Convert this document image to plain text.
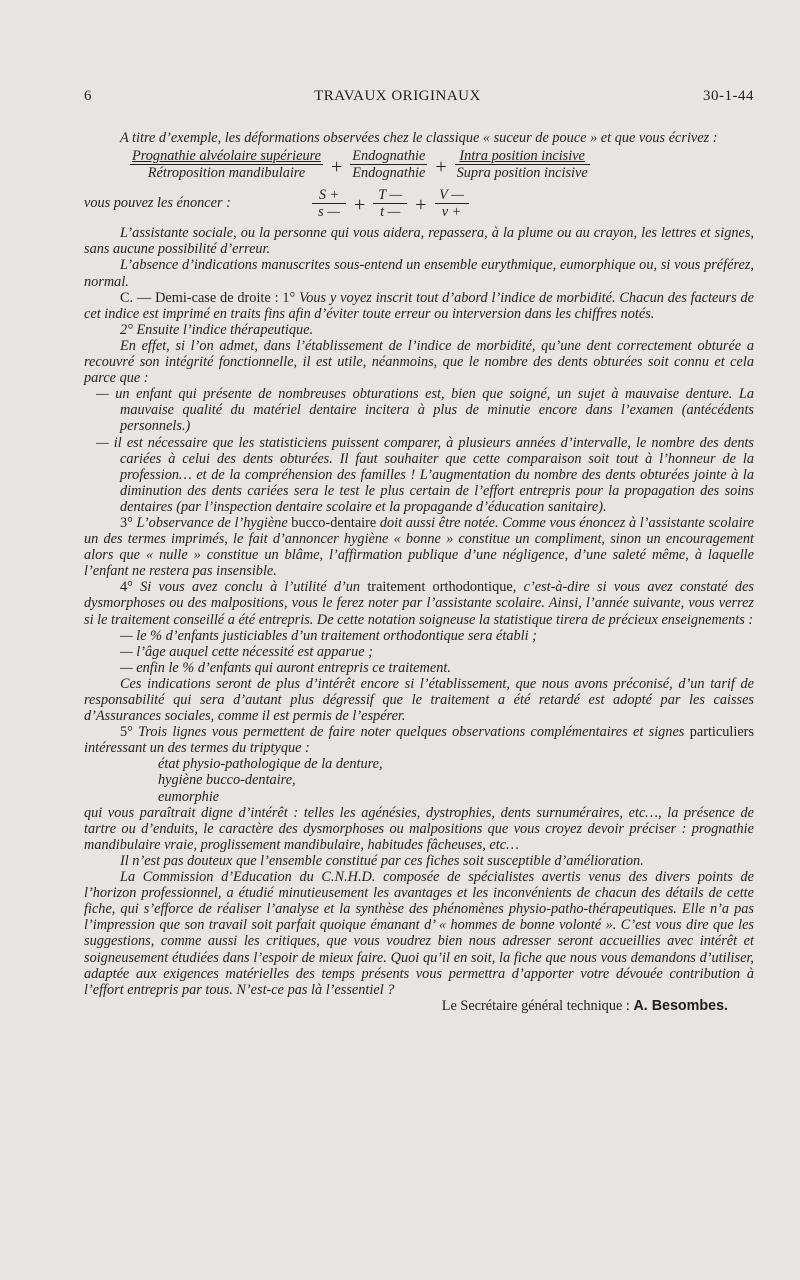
6	TRAVAUX ORIGINAUX	30-1-44

A titre d’exemple, les déformations observées chez le classique « suceur de pouce » et que vous écrivez :

$\frac{\text{Prognathie alvéolaire supérieure}}{\text{Rétroposition mandibulaire}} + \frac{\text{Endognathie}}{\text{Endognathie}} + \frac{\text{Intra position incisive}}{\text{Supra position incisive}}$
vous pouvez les énoncer :	$\frac{S +}{s —} + \frac{T —}{t —} + \frac{V —}{v +}$

L’assistante sociale, ou la personne qui vous aidera, repassera, à la plume ou au crayon, les lettres et signes, sans aucune possibilité d’erreur.

L’absence d’indications manuscrites sous-entend un ensemble eurythmique, eumorphique ou, si vous préférez, normal.

C. — Demi-case de droite : 1° Vous y voyez inscrit tout d’abord l’indice de morbidité. Chacun des facteurs de cet indice est imprimé en traits fins afin d’éviter toute erreur ou interversion dans les chiffres notés.

2° Ensuite l’indice thérapeutique.

En effet, si l’on admet, dans l’établissement de l’indice de morbidité, qu’une dent correctement obturée a recouvré son intégrité fonctionnelle, il est utile, néanmoins, que le nombre des dents obturées soit connu et cela parce que :

— un enfant qui présente de nombreuses obturations est, bien que soigné, un sujet à mauvaise denture. La mauvaise qualité du matériel dentaire incitera à plus de minutie encore dans l’examen (antécédents personnels.)

— il est nécessaire que les statisticiens puissent comparer, à plusieurs années d’intervalle, le nombre des dents cariées à celui des dents obturées. Il faut souhaiter que cette comparaison soit tout à l’honneur de la profession… et de la compréhension des familles ! L’augmentation du nombre des dents obturées jointe à la diminution des dents cariées sera le test le plus certain de l’effort entrepris pour la propagation des soins dentaires (par l’inspection dentaire scolaire et la propagande d’éducation sanitaire).

3° L’observance de l’hygiène bucco-dentaire doit aussi être notée. Comme vous énoncez à l’assistante scolaire un des termes imprimés, le fait d’annoncer hygiène « bonne » constitue un compliment, sinon un encouragement alors que « nulle » constitue un blâme, l’affirmation publique d’une négligence, d’une saleté même, à laquelle l’enfant ne restera pas insensible.

4° Si vous avez conclu à l’utilité d’un traitement orthodontique, c’est-à-dire si vous avez constaté des dysmorphoses ou des malpositions, vous le ferez noter par l’assistante scolaire. Ainsi, l’année suivante, vous verrez si le traitement conseillé a été entrepris. De cette notation soigneuse la statistique tirera de précieux enseignements :

— le % d’enfants justiciables d’un traitement orthodontique sera établi ;

— l’âge auquel cette nécessité est apparue ;

— enfin le % d’enfants qui auront entrepris ce traitement.

Ces indications seront de plus d’intérêt encore si l’établissement, que nous avons préconisé, d’un tarif de responsabilité qui sera d’autant plus dégressif que le traitement a été retardé est adopté par les caisses d’Assurances sociales, comme il est permis de l’espérer.

5° Trois lignes vous permettent de faire noter quelques observations complémentaires et signes particuliers intéressant un des termes du triptyque :

état physio-pathologique de la denture,

hygiène bucco-dentaire,

eumorphie

qui vous paraîtrait digne d’intérêt : telles les agénésies, dystrophies, dents surnuméraires, etc…, la présence de tartre ou d’enduits, le caractère des dysmorphoses ou malpositions que vous croyez devoir préciser : prognathie mandibulaire vraie, proglissement mandibulaire, habitudes fâcheuses, etc…

Il n’est pas douteux que l’ensemble constitué par ces fiches soit susceptible d’amélioration.

La Commission d’Education du C.N.H.D. composée de spécialistes avertis venus des divers points de l’horizon professionnel, a étudié minutieusement les avantages et les inconvénients de chacun des détails de cette fiche, qui s’efforce de réaliser l’analyse et la synthèse des phénomènes physio-patho-thérapeutiques. Elle n’a pas l’impression que son travail soit parfait quoique émanant d’ « hommes de bonne volonté ». C’est vous dire que les suggestions, comme aussi les critiques, que vous voudrez bien nous adresser seront accueillies avec intérêt et soigneusement étudiées dans l’espoir de mieux faire. Quoi qu’il en soit, la fiche que nous vous demandons d’utiliser, adaptée aux exigences matérielles des temps présents vous permettra d’apporter votre dévouée contribution à l’effort entrepris par tous. N’est-ce pas là l’essentiel ?

Le Secrétaire général technique : A. Besombes.
